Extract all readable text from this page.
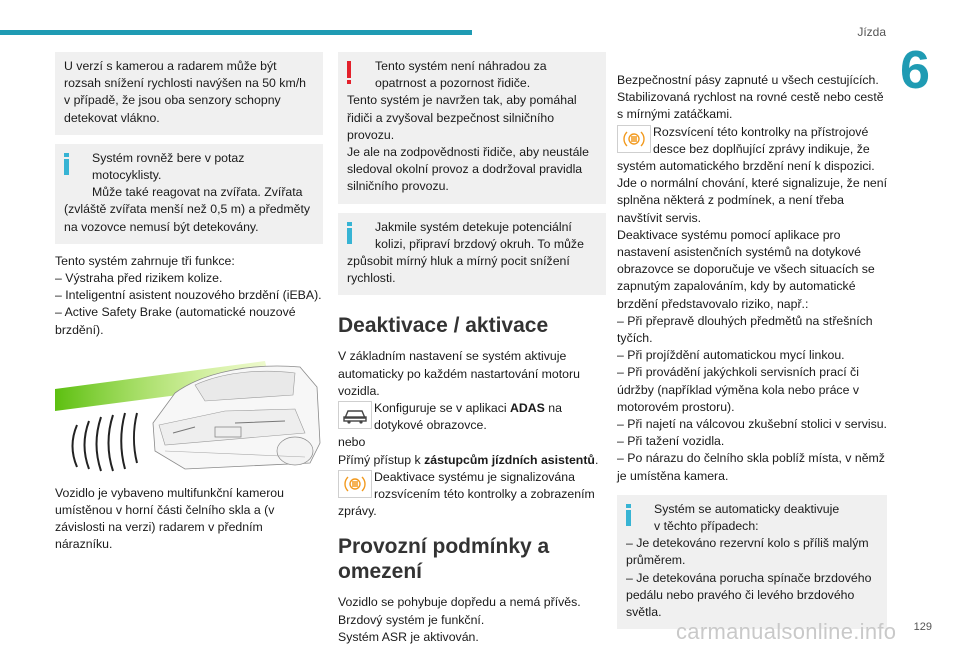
Jízda
6

U verzí s kamerou a radarem může být rozsah snížení rychlosti navýšen na 50 km/h v případě, že jsou oba senzory schopny detekovat vlákno.

Systém rovněž bere v potaz motocyklisty.

Může také reagovat na zvířata. Zvířata

(zvláště zvířata menší než 0,5 m) a předměty na vozovce nemusí být detekovány.

Tento systém zahrnuje tři funkce:

– Výstraha před rizikem kolize.

– Inteligentní asistent nouzového brzdění (iEBA).

– Active Safety Brake (automatické nouzové brzdění).

Vozidlo je vybaveno multifunkční kamerou umístěnou v horní části čelního skla a (v závislosti na verzi) radarem v předním nárazníku.

Tento systém není náhradou za

opatrnost a pozornost řidiče.

Tento systém je navržen tak, aby pomáhal řidiči a zvyšoval bezpečnost silničního provozu.

Je ale na zodpovědnosti řidiče, aby neustále sledoval okolní provoz a dodržoval pravidla silničního provozu.

Jakmile systém detekuje potenciální

kolizi, připraví brzdový okruh. To může

způsobit mírný hluk a mírný pocit snížení rychlosti.

Deaktivace / aktivace

V základním nastavení se systém aktivuje automaticky po každém nastartování motoru vozidla.

Konfiguruje se v aplikaci ADAS na dotykové obrazovce.

nebo

Přímý přístup k zástupcům jízdních asistentů.

Deaktivace systému je signalizována

rozsvícením této kontrolky a zobrazením

zprávy.

Provozní podmínky a omezení

Vozidlo se pohybuje dopředu a nemá přívěs.

Brzdový systém je funkční.

Systém ASR je aktivován.

Bezpečnostní pásy zapnuté u všech cestujících.

Stabilizovaná rychlost na rovné cestě nebo cestě s mírnými zatáčkami.

Rozsvícení této kontrolky na přístrojové

desce bez doplňující zprávy indikuje, že

systém automatického brzdění není k dispozici.

Jde o normální chování, které signalizuje, že není splněna některá z podmínek, a není třeba navštívit servis.

Deaktivace systému pomocí aplikace pro nastavení asistenčních systémů na dotykové obrazovce se doporučuje ve všech situacích se zapnutým zapalováním, kdy by automatické brzdění představovalo riziko, např.:

– Při přepravě dlouhých předmětů na střešních tyčích.

– Při projíždění automatickou mycí linkou.

– Při provádění jakýchkoli servisních prací či údržby (například výměna kola nebo práce v motorovém prostoru).

– Při najetí na válcovou zkušební stolici v servisu.

– Při tažení vozidla.

– Po nárazu do čelního skla poblíž místa, v němž je umístěna kamera.

Systém se automaticky deaktivuje

v těchto případech:

– Je detekováno rezervní kolo s příliš malým průměrem.

– Je detekována porucha spínače brzdového pedálu nebo pravého či levého brzdového světla.

129
carmanualsonline.info
